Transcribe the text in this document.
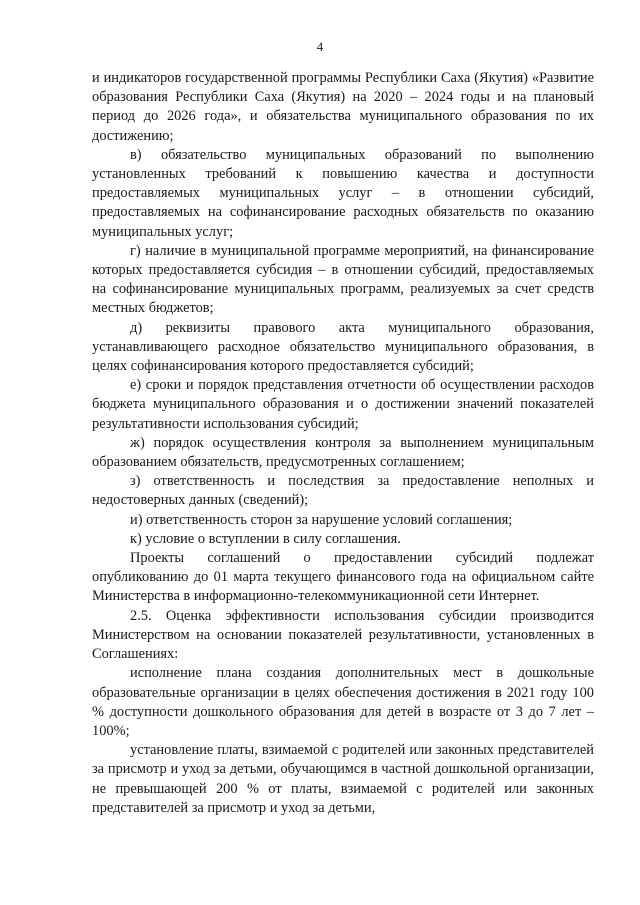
4

и индикаторов государственной программы Республики Саха (Якутия) «Развитие образования Республики Саха (Якутия) на 2020 – 2024 годы и на плановый период до 2026 года», и обязательства муниципального образования по их достижению;

в) обязательство муниципальных образований по выполнению установленных требований к повышению качества и доступности предоставляемых муниципальных услуг – в отношении субсидий, предоставляемых на софинансирование расходных обязательств по оказанию муниципальных услуг;

г) наличие в муниципальной программе мероприятий, на финансирование которых предоставляется субсидия – в отношении субсидий, предоставляемых на софинансирование муниципальных программ, реализуемых за счет средств местных бюджетов;

д) реквизиты правового акта муниципального образования, устанавливающего расходное обязательство муниципального образования, в целях софинансирования которого предоставляется субсидий;

е) сроки и порядок представления отчетности об осуществлении расходов бюджета муниципального образования и о достижении значений показателей результативности использования субсидий;

ж) порядок осуществления контроля за выполнением муниципальным образованием обязательств, предусмотренных соглашением;

з) ответственность и последствия за предоставление неполных и недостоверных данных (сведений);

и) ответственность сторон за нарушение условий соглашения;

к) условие о вступлении в силу соглашения.

Проекты соглашений о предоставлении субсидий подлежат опубликованию до 01 марта текущего финансового года на официальном сайте Министерства в информационно-телекоммуникационной сети Интернет.

2.5. Оценка эффективности использования субсидии производится Министерством на основании показателей результативности, установленных в Соглашениях:

исполнение плана создания дополнительных мест в дошкольные образовательные организации в целях обеспечения достижения в 2021 году 100 % доступности дошкольного образования для детей в возрасте от 3 до 7 лет – 100%;

установление платы, взимаемой с родителей или законных представителей за присмотр и уход за детьми, обучающимся в частной дошкольной организации, не превышающей 200 % от платы, взимаемой с родителей или законных представителей за присмотр и уход за детьми,
